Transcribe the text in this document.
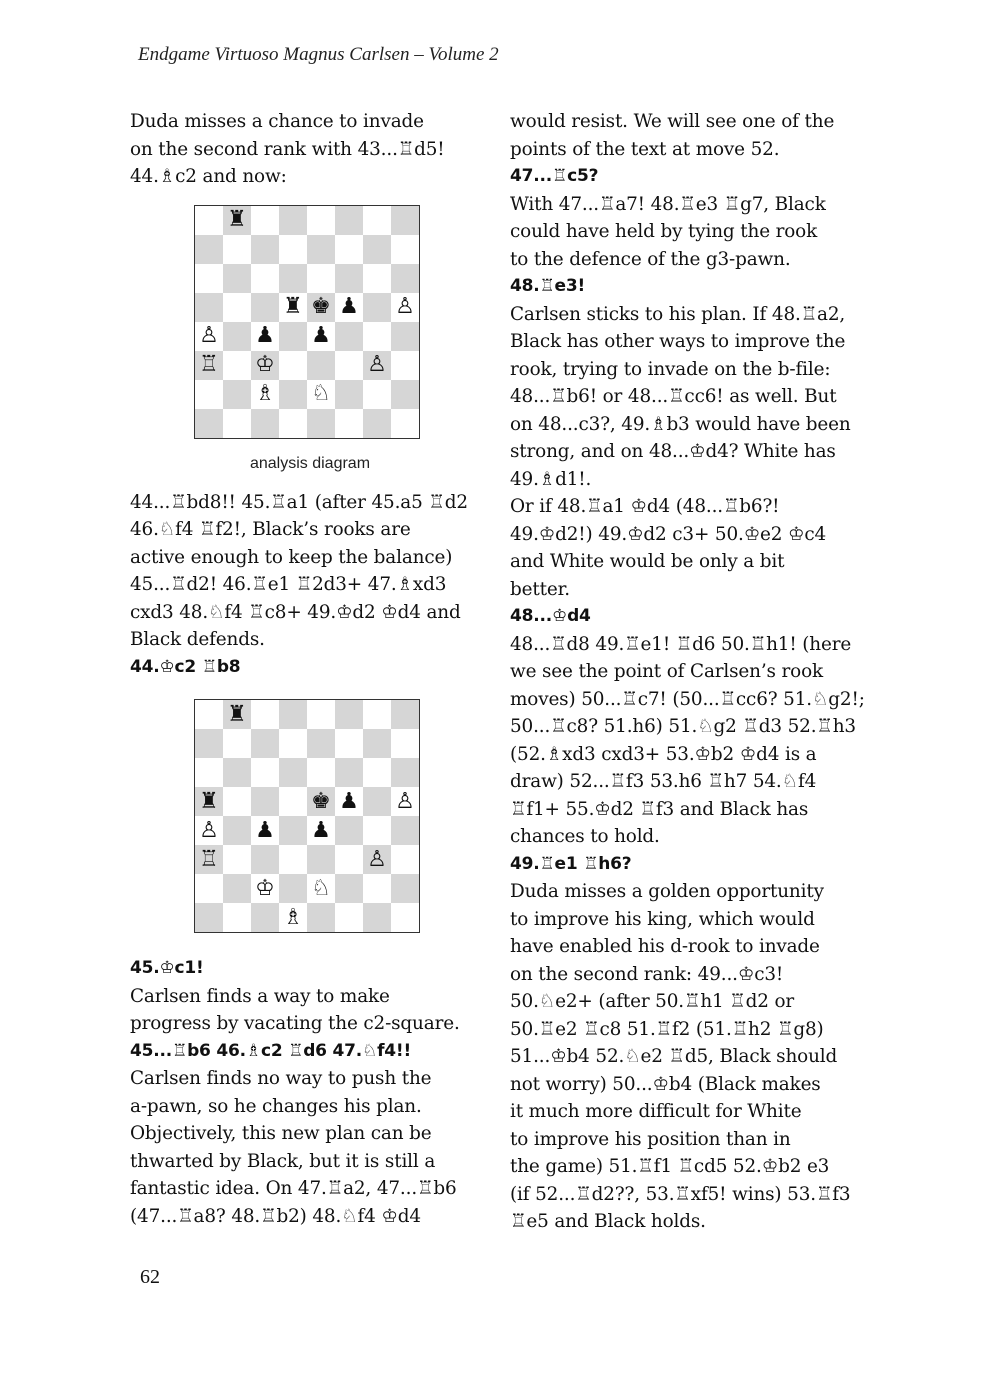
Endgame Virtuoso Magnus Carlsen – Volume 2

Duda misses a chance to invade
on the second rank with 43...♖d5!
44.♗c2 and now:

♜
♜ ♚ ♟ ♙
♙ ♟ ♟
♖ ♔	♙
♗ ♘
analysis diagram

44...♖bd8!! 45.♖a1 (after 45.a5 ♖d2
46.♘f4 ♖f2!, Black’s rooks are
active enough to keep the balance)
45...♖d2! 46.♖e1 ♖2d3+ 47.♗xd3
cxd3 48.♘f4 ♖c8+ 49.♔d2 ♔d4 and
Black defends.

44.♔c2 ♖b8

♜
♜	♚ ♟ ♙
♙ ♟ ♟
♖	♙
♔ ♘
♗

45.♔c1!

Carlsen finds a way to make
progress by vacating the c2-square.

45...♖b6 46.♗c2 ♖d6 47.♘f4!!

Carlsen finds no way to push the
a-pawn, so he changes his plan.
Objectively, this new plan can be
thwarted by Black, but it is still a
fantastic idea. On 47.♖a2, 47...♖b6
(47...♖a8? 48.♖b2) 48.♘f4 ♔d4

would resist. We will see one of the
points of the text at move 52.

47...♖c5?

With 47...♖a7! 48.♖e3 ♖g7, Black
could have held by tying the rook
to the defence of the g3-pawn.

48.♖e3!

Carlsen sticks to his plan. If 48.♖a2,
Black has other ways to improve the
rook, trying to invade on the b-file:
48...♖b6! or 48...♖cc6! as well. But
on 48...c3?, 49.♗b3 would have been
strong, and on 48...♔d4? White has
49.♗d1!.
Or if 48.♖a1 ♔d4 (48...♖b6?!
49.♔d2!) 49.♔d2 c3+ 50.♔e2 ♔c4
and White would be only a bit
better.

48...♔d4

48...♖d8 49.♖e1! ♖d6 50.♖h1! (here
we see the point of Carlsen’s rook
moves) 50...♖c7! (50...♖cc6? 51.♘g2!;
50...♖c8? 51.h6) 51.♘g2 ♖d3 52.♖h3
(52.♗xd3 cxd3+ 53.♔b2 ♔d4 is a
draw) 52...♖f3 53.h6 ♖h7 54.♘f4
♖f1+ 55.♔d2 ♖f3 and Black has
chances to hold.

49.♖e1 ♖h6?

Duda misses a golden opportunity
to improve his king, which would
have enabled his d-rook to invade
on the second rank: 49...♔c3!
50.♘e2+ (after 50.♖h1 ♖d2 or
50.♖e2 ♖c8 51.♖f2 (51.♖h2 ♖g8)
51...♔b4 52.♘e2 ♖d5, Black should
not worry) 50...♔b4 (Black makes
it much more difficult for White
to improve his position than in
the game) 51.♖f1 ♖cd5 52.♔b2 e3
(if 52...♖d2??, 53.♖xf5! wins) 53.♖f3
♖e5 and Black holds.

62
